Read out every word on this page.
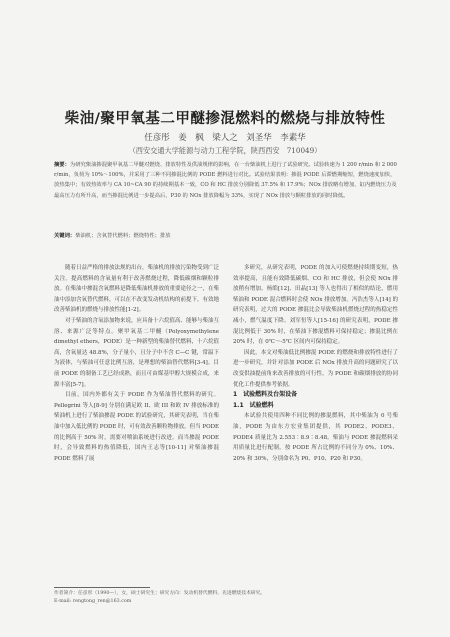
柴油/聚甲氧基二甲醚掺混燃料的燃烧与排放特性
任彦彤　姜　枫　梁人之　刘圣华　李素华
（西安交通大学能源与动力工程学院，陕西西安　710049）
摘要：为研究柴油掺混聚甲氧基二甲醚对燃烧、排放特性及供油规律的影响，在一台柴油机上进行了试验研究。试验转速为 1 200 r/min 和 2 000 r/min，负荷为 10%～100%，并采用了三种不同掺混比例的 PODE 燃料进行对比。试验结果表明：掺混 PODE 后滞燃期缩短，燃烧速度加快，放热集中；有效热效率与 CA 10~CA 90 的持续期基本一致，CO 和 HC 排放分别降低 37.5% 和 17.9%；NOx 排放略有增加，缸内燃烧压力及最高压力有所升高，而当掺混比例进一步提高后，P30 的 NOx 排放降幅为 33%，实现了 NOx 排放与颗粒排放的同时降低。
关键词：柴油机；含氧替代燃料；燃烧特性；排放

随着日益严格的排放法规的出台，柴油机的排放污染物受到广泛关注。提高燃料的含氧量有利于改善燃烧过程，降低碳烟和颗粒排放。在柴油中掺混含氧燃料是降低柴油机排放的重要途径之一，在柴油中添加含氧替代燃料，可以在不改变发动机结构的前提下，有效地改善柴油机的燃烧与排放性能[1-2]。

对于柴油的含氧添加物来说，应具备十六烷值高、能够与柴油互溶、来源广泛等特点。聚甲氧基二甲醚（Polyoxymethylene dimethyl ethers，PODE）是一种新型的柴油替代燃料，十六烷值高，含氧量达 48.8%，分子量小，且分子中不含 C—C 键，常温下为液体，与柴油可任意比例互溶，是理想的柴油替代燃料[3-4]。目前 PODE 的制备工艺已经成熟，而且可由煤基甲醇大规模合成，来源丰富[5-7]。

目前，国内外都有关于 PODE 作为柴油替代燃料的研究。Pellegrini 等人[8-9] 分别在满足欧 II、欧 III 和欧 IV 排放标准的柴油机上进行了柴油掺混 PODE 的试验研究，其研究表明，当在柴油中加入低比例的 PODE 时，可有效改善颗粒物排放，但当 PODE 的比例高于 50% 时，需要对喷油系统进行改进。而当掺混 PODE 时，会导致燃料的热值降低，国内王志等[10-11] 对柴油掺混 PODE 燃料了展

多研究，从研究表明，PODE 的加入可使燃烧持续期变短，热效率提高，且能有效降低碳烟、CO 和 HC 排放，但会使 NOx 排放稍有增加。杨皓[12]、田晶[13] 等人也得出了相似的结论，燃用柴油和 PODE 混合燃料时会使 NOx 排放增加。冯浩杰等人[14] 的研究表明，过大的 PODE 掺混比会导致柴油机燃烧过程的热稳定性减小，燃气温度下降。刘军恒等人[15-16] 的研究表明，PODE 掺混比例低于 30% 时，在柴油下掺混燃料可保持稳定；掺混比例在 20% 时，在 0℃～-5℃ 区间内可保持稳定。

因此，本文对柴油低比例掺混 PODE 的燃烧和排放特性进行了进一步研究，并针对添加 PODE 后 NOx 排放升高的问题研究了以改变供油提前角来改善排放的可行性，为 PODE 和碳烟排放的协同优化工作提供参考依据。

1　试验燃料及台架设备

1.1　试验燃料

本试验共使用四种不同比例的掺混燃料，其中柴油为 0 号柴油，PODE 为由东方宏业集团提供，其 PODE2、PODE3、PODE4 质量比为 2.553∶8.9∶8.48。柴油与 PODE 掺混燃料采用质量比进行配制，按 PODE 所占比例的不同分为 0%、10%、20% 和 30%，分别命名为 P0、P10、P20 和 P30。

作者简介：任彦彤（1990—），女，硕士研究生；研究方向：发动机替代燃料、先进燃烧技术研究。
E-mail: rengtong_ren@163.com
